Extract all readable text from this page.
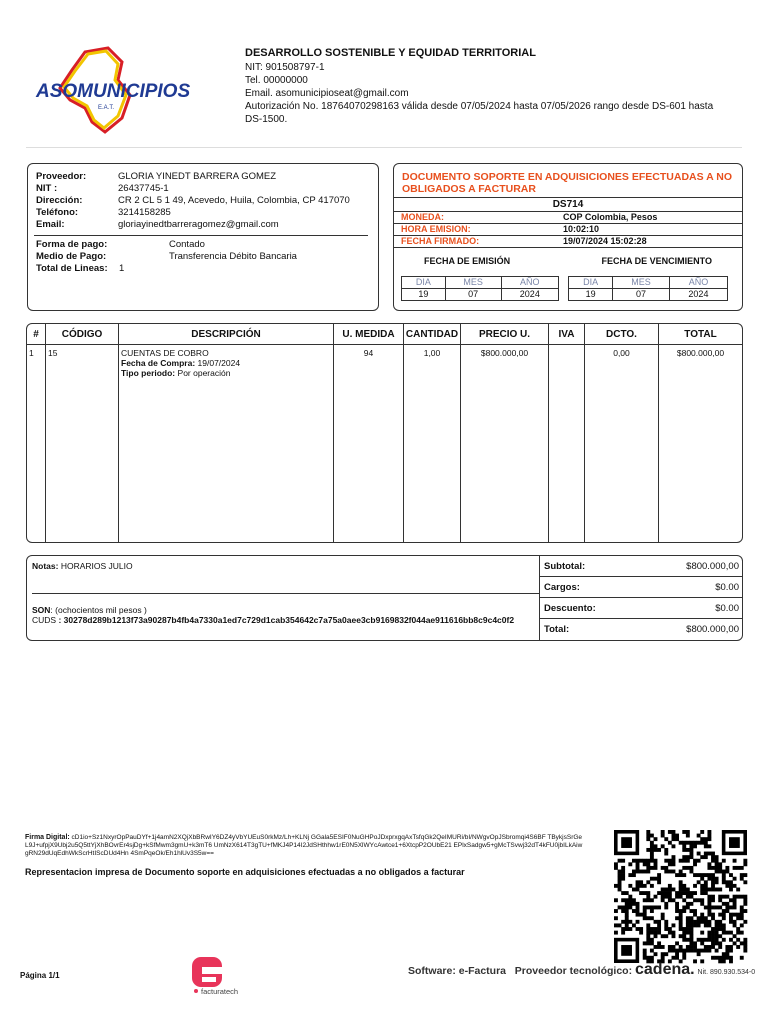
ASOMUNICIPIOS
E.A.T.
DESARROLLO SOSTENIBLE Y EQUIDAD TERRITORIAL
NIT: 901508797-1
Tel. 00000000
Email. asomunicipioseat@gmail.com
Autorización No. 18764070298163 válida desde 07/05/2024 hasta 07/05/2026 rango desde DS-601 hasta DS-1500.
Proveedor:	GLORIA YINEDT BARRERA GOMEZ
NIT :	26437745-1
Dirección:	CR 2 CL 5 1 49, Acevedo, Huila, Colombia, CP 417070
Teléfono:	3214158285
Email:	gloriayinedtbarreragomez@gmail.com
Forma de pago:	Contado
Medio de Pago:	Transferencia Débito Bancaria
Total de Lineas:	1
DOCUMENTO SOPORTE EN ADQUISICIONES EFECTUADAS A NO OBLIGADOS A FACTURAR
DS714
MONEDA:	COP Colombia, Pesos
HORA EMISION:	10:02:10
FECHA FIRMADO:	19/07/2024 15:02:28
FECHA DE EMISIÓN	FECHA DE VENCIMIENTO
DIA	MES	AÑO
19	07	2024
DIA	MES	AÑO
19	07	2024
#	CÓDIGO	DESCRIPCIÓN	U. MEDIDA	CANTIDAD	PRECIO U.	IVA	DCTO.	TOTAL
1	15	CUENTAS DE COBRO
Fecha de Compra: 19/07/2024
Tipo periodo: Por operación	94	1,00	$800.000,00		0,00	$800.000,00
Notas: HORARIOS JULIO
SON: (ochocientos mil pesos )
CUDS : 30278d289b1213f73a90287b4fb4a7330a1ed7c729d1cab354642c7a75a0aee3cb9169832f044ae911616bb8c9c4c0f2
Subtotal:	$800.000,00
Cargos:	$0.00
Descuento:	$0.00
Total:	$800.000,00
Firma Digital: cD1io+Sz1NxyrOpPauDYf+1j4amN2XQjXbBRwIY6DZ4yVbYUEuS0rkMz/Lh+KLNj GGala5ESIF0NuGHPoJDxprxgqAxTsfqGk2QeIMURi/bI/NWgvOpJSbromqi4S6BF TBykjsSrGeL9J+ufpjX9Ubj2u5Q5ttYjXhBOvrEr4sjDg+kSfMwm3gmU+k3mT6 UmNzX614T3gTU+fMKJ4P14I2JdSHthhw1rE0N5XlWYcAwtce1+6XtcpP2OUbE21 EPlxSadgw5+gMcTSvwj32dT4kFU0jbILkAiwgRN29dUqEdhWkScrHtIScDUd4Hn 4SmPqeOk/Eh1hlUv3S5w==
Representacion impresa de Documento soporte en adquisiciones efectuadas a no obligados a facturar
Página 1/1
facturatech
Software: e-Factura Proveedor tecnológico: cadena. Nit. 890.930.534-0
